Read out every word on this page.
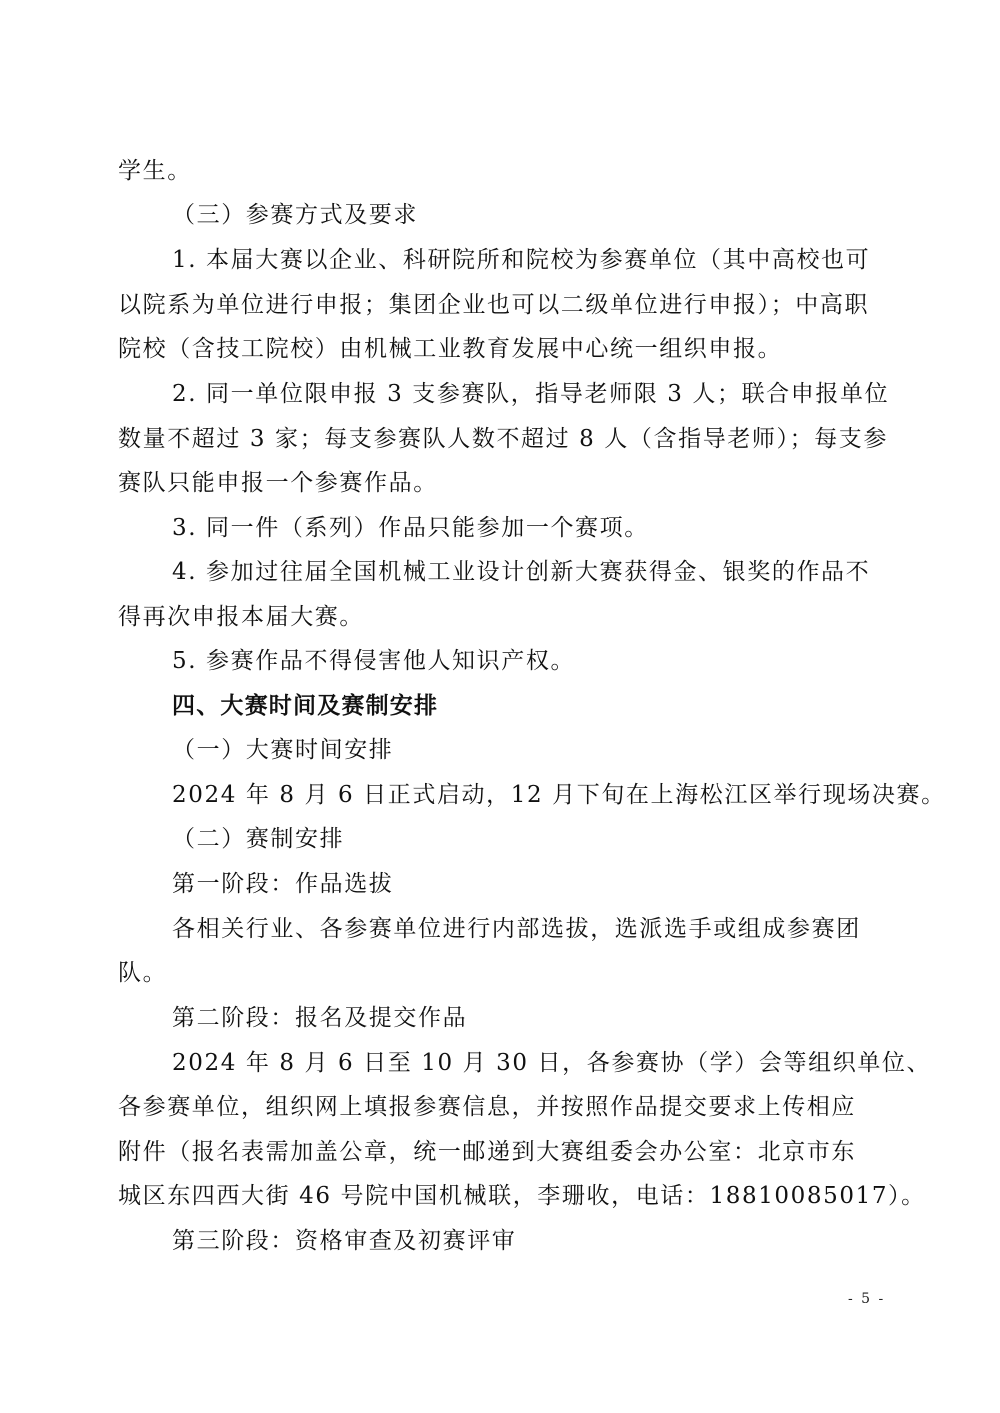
学生。
（三）参赛方式及要求
1. 本届大赛以企业、科研院所和院校为参赛单位（其中高校也可
以院系为单位进行申报；集团企业也可以二级单位进行申报）；中高职
院校（含技工院校）由机械工业教育发展中心统一组织申报。
2. 同一单位限申报 3 支参赛队，指导老师限 3 人；联合申报单位
数量不超过 3 家；每支参赛队人数不超过 8 人（含指导老师）；每支参
赛队只能申报一个参赛作品。
3. 同一件（系列）作品只能参加一个赛项。
4. 参加过往届全国机械工业设计创新大赛获得金、银奖的作品不
得再次申报本届大赛。
5. 参赛作品不得侵害他人知识产权。
四、大赛时间及赛制安排
（一）大赛时间安排
2024 年 8 月 6 日正式启动，12 月下旬在上海松江区举行现场决赛。
（二）赛制安排
第一阶段：作品选拔
各相关行业、各参赛单位进行内部选拔，选派选手或组成参赛团
队。
第二阶段：报名及提交作品
2024 年 8 月 6 日至 10 月 30 日，各参赛协（学）会等组织单位、
各参赛单位，组织网上填报参赛信息，并按照作品提交要求上传相应
附件（报名表需加盖公章，统一邮递到大赛组委会办公室：北京市东
城区东四西大街 46 号院中国机械联，李珊收，电话：18810085017）。
第三阶段：资格审查及初赛评审
- 5 -
